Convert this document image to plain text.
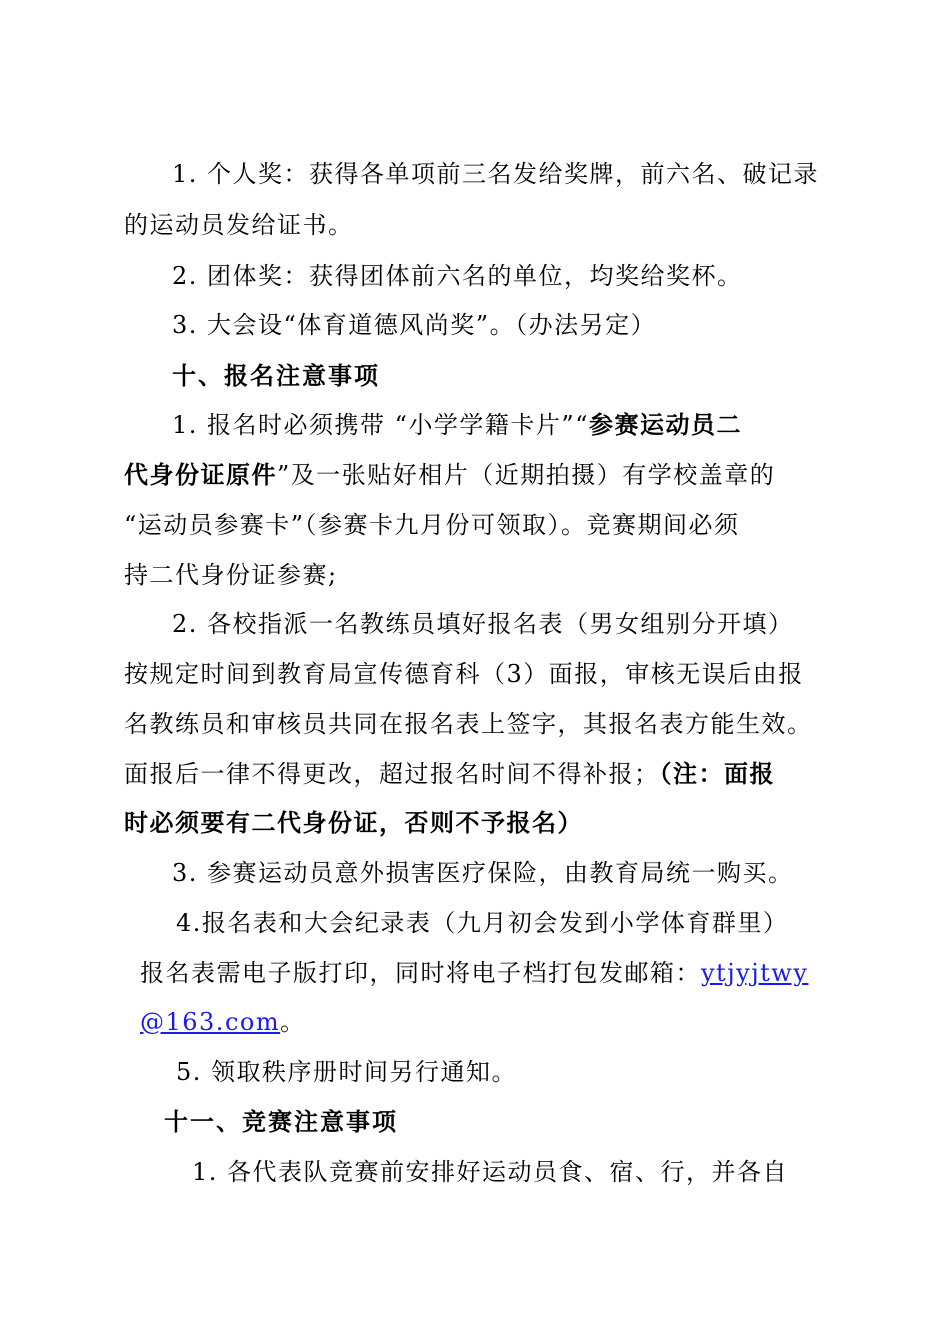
1. 个人奖：获得各单项前三名发给奖牌，前六名、破记录
的运动员发给证书。
2. 团体奖：获得团体前六名的单位，均奖给奖杯。
3. 大会设“体育道德风尚奖”。（办法另定）
十、报名注意事项
1. 报名时必须携带 “小学学籍卡片”“参赛运动员二
代身份证原件”及一张贴好相片（近期拍摄）有学校盖章的
“运动员参赛卡”（参赛卡九月份可领取）。竞赛期间必须
持二代身份证参赛;
2. 各校指派一名教练员填好报名表（男女组别分开填）
按规定时间到教育局宣传德育科（3）面报，审核无误后由报
名教练员和审核员共同在报名表上签字，其报名表方能生效。
面报后一律不得更改，超过报名时间不得补报；（注：面报
时必须要有二代身份证，否则不予报名）
3. 参赛运动员意外损害医疗保险，由教育局统一购买。
4.报名表和大会纪录表（九月初会发到小学体育群里）
报名表需电子版打印，同时将电子档打包发邮箱：ytjyjtwy
@163.com。
5. 领取秩序册时间另行通知。
十一、竞赛注意事项
1. 各代表队竞赛前安排好运动员食、宿、行，并各自
